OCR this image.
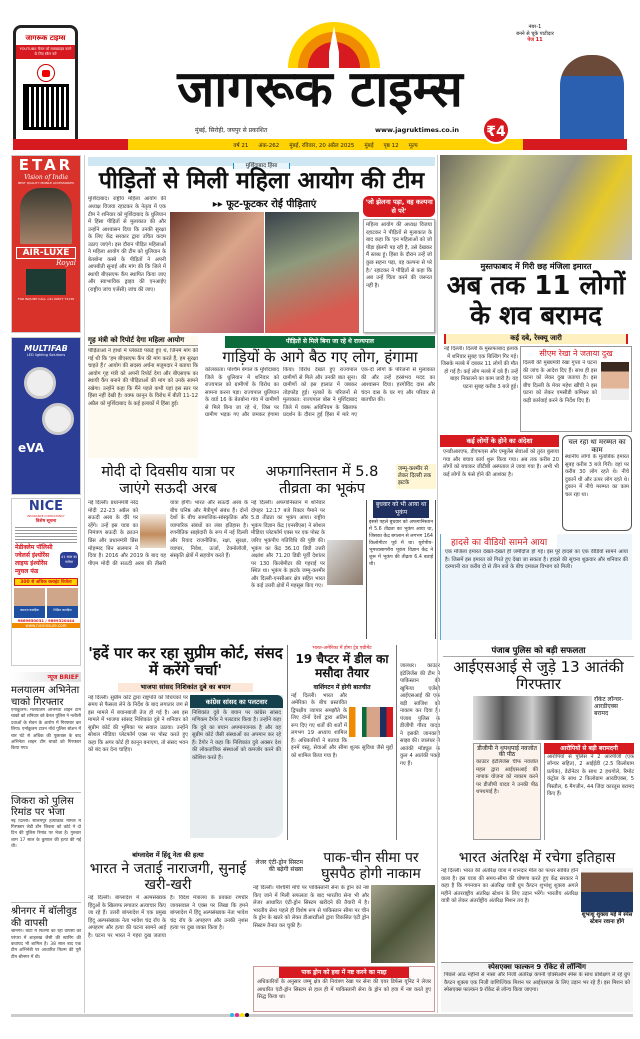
जागरूक टाइम्स
YOUTUBE चैनल को सब्सक्राइब करने के लिए स्कैन करें
जागरूक टाइम्स
मुंबई, सिरोही, जयपुर से प्रकाशित	www.jagruktimes.co.in	₹4
नंबर-1
बनने से चूके पाटीदार
पेज 11
वर्ष 21 अंक-262 मुंबई, रविवार, 20 अप्रैल 2025 मुंबई पृष्ठ 12 मूल्य
ETAR
Vision of India
BEST QUALITY MOBILE ACCESSORIES
AIR-LUXE
Royal
FOR INQUIRY CALL +91 99677 74138
MULTIFAB
LED lighting Solutions
eVA
NICE
INSURANCE CONSULTANCY
विशेष सूचना
मेडीक्लेम पॉलिसी
ज्वेलर्स इंश्योरेंस
लाइफ इंश्योरेंस
म्युचल फंड
41 साल का भरोसा
300 से अधिक क्लाइंट विजेता
जसराज कावड़िया	निखिल कावड़िया
9869650031 / 9869320444
www.niceinsure.com
न्यूज BRIEF
मलयालम अभिनेता चाको गिरफ्तार
एर्नाकुलम। मलयालम अभिनेता शाइन टॉम चाको को शनिवार को केरल पुलिस ने नशीली दवाओं के सेवन के आरोप में गिरफ्तार कर लिया। एर्नाकुलम टाउन नॉर्थ पुलिस स्टेशन में चार घंटे से अधिक की पूछताछ के बाद अभिनेता शाइन टॉम चाको को गिरफ्तार किया गया।
जिकरा को पुलिस रिमांड पर भेजा
नई दिल्ली। सीलमपुर हत्याकांड मामले में गिरफ्तार लेडी डॉन जिकरा को कोर्ट ने दो दिन की पुलिस रिमांड पर भेजा है। गुरुवार शाम 17 साल के कुणाल की हत्या की गई थी।
श्रीनगर में बॉलीवुड की वापसी
श्रीनगर। घाटी में फिल्मों का रही वापसी की परंपरा में शाहरुख जैसी की स्टारिंग की कवायद भी शामिल है। 38 साल बाद एक टीम अभिनेत्री पर आधारित फिल्म की पूरी टीम श्रीनगर में थी।
मुर्शिदाबाद हिंसा
पीड़ितों से मिली महिला आयोग की टीम
मुर्शिदाबाद। राष्ट्रीय महिला आयोग की अध्यक्ष विजया रहाटकर के नेतृत्व में एक टीम ने शनिवार को मुर्शिदाबाद के धुलियान में हिंसा पीड़ितों से मुलाकात की और उन्होंने आश्वासन दिया कि उनकी सुरक्षा के लिए केंद्र सरकार द्वारा उचित कदम उठाए जाएंगे। इस दौरान पीड़ित महिलाओं ने महिला आयोग की टीम को धुलियान के बेतबोना कस्बे के पीड़ितों ने अपनी आपबीती सुनाई और मांग की कि जिले में स्थायी बीएसएफ कैंप स्थापित किया जाए और स्वाभाविक ड्राइव की एनआईए (राष्ट्रीय जांच एजेंसी) जांच की जाए।
▸▸ फूट-फूटकर रोईं पीड़िताएं	'जो झेलना पड़ा, वह कल्पना से परे'
महिला आयोग की अध्यक्ष विजया रहाटकर ने पीड़ितों से मुलाकात के बाद कहा कि 'इन महिलाओं को जो पीड़ा झेलनी पड़ रही है, उसे देखकर मैं स्तब्ध हूं। हिंसा के दौरान उन्हें जो कुछ सहना पड़ा, वह कल्पना से परे है।' रहाटकर ने पीड़ितों से कहा कि अब उन्हें चिंता करने की जरूरत नहीं है।
गृह मंत्री को रिपोर्ट देगा महिला आयोग
पीड़िताओं ने हाथों में प्लेकार्ड पकड़े हुए थे, जिनमें मांग की गई थी कि 'हम बीएसएफ कैंप की मांग करते हैं, हम सुरक्षा चाहते हैं।' आयोग की सदस्य अर्चना मजूमदार ने बताया कि आयोग गृह मंत्री को अपनी रिपोर्ट देगा और बीएसएफ का स्थायी कैंप बनाने की पीड़िताओं की मांग को उनके सामने रखेगा। उन्होंने कहा कि मैंने पहले कभी यहां इस स्तर पर हिंसा नहीं देखी है। वक्फ कानून के विरोध में बीती 11-12 अप्रैल को मुर्शिदाबाद के कई इलाकों में हिंसा हुई।
पीड़ितों से मिले बिना जा रहे थे राज्यपाल
गाड़ियों के आगे बैठ गए लोग, हंगामा
कोलकाता। पश्चिम बंगाल के मुर्शिदाबाद जिले के धुलियान में शनिवार को राज्यपाल को ग्रामीणों के विरोध का सामना करना पड़ा। राज्यपाल धुलियान के वार्ड 16 के बेतबोना गांव में ग्रामीणों से मिले बिना जा रहे थे, जिस पर ग्रामीण भड़क गए और जमकर हंगामा किया। विरोध देखते हुए राज्यपाल ग्रामीणों से मिले और उनकी बात सुना। ग्रामीणों को इस हालात में जबकर तोड़फोड़ हुई। मृतकों के परिजनों से मुलाकात: राज्यपाल बोस ने मुर्शिदाबाद जिले में वक्फ अधिनियम के खिलाफ प्रदर्शन के दौरान हुई हिंसा में मारे गए एक-दो लोगों के परिजनों से मुलाकात की और उन्हें हरसंभव मदद का आश्वासन दिया। हरगोविंद दास और चंदन दास के घर गए और परिवार से बातचीत की।
मोदी दो दिवसीय यात्रा पर जाएंगे सऊदी अरब
नई दिल्ली। प्रधानमंत्री नरेंद्र मोदी 22-23 अप्रैल को सऊदी अरब के दौरे पर रहेंगे। उन्हें इस यात्रा का निमंत्रण सऊदी के क्राउन प्रिंस और प्रधानमंत्री प्रिंस मोहम्मद बिन सलमान ने दिया है। 2016 और 2019 के बाद यह पीएम मोदी की सऊदी अरब की तीसरी यात्रा होगी। भारत और सऊदी अरब के बीच घनिष्ठ और मैत्रीपूर्ण संबंध हैं। दोनों देशों के बीच सामाजिक-सांस्कृतिक और व्यापारिक संबंधों का लंबा इतिहास है। रणनीतिक साझेदारी के रूप में नई दिल्ली और रियाद राजनीतिक, रक्षा, सुरक्षा, व्यापार, निवेश, ऊर्जा, टेक्नोलॉजी, संस्कृति क्षेत्रों में सहयोग करते हैं।
अफगानिस्तान में 5.8 तीव्रता का भूकंप
जम्मू-कश्मीर से लेकर दिल्ली तक झटके
नई दिल्ली। अफगानिस्तान में शनिवार दोपहर 12:17 बजे रिक्टर पैमाने पर 5.8 तीव्रता का भूकंप आया। राष्ट्रीय भूकंप विज्ञान केंद्र (एनसीएस) ने सोशल मीडिया प्लेटफॉर्म एक्स पर एक पोस्ट के जरिए भूकंपीय गतिविधि की पुष्टि की। भूकंप का केंद्र 36.10 डिग्री उत्तरी अक्षांश और 71.20 डिग्री पूर्वी देशांतर पर 130 किलोमीटर की गहराई पर स्थित था। भूकंप के झटके जम्मू-कश्मीर और दिल्ली-एनसीआर क्षेत्र सहित भारत के कई उत्तरी क्षेत्रों में महसूस किए गए।
बुधवार को भी आया था भूकंप
इससे पहले बुधवार को अफगानिस्तान में 5.6 तीव्रता का भूकंप आया था, जिसका केंद्र बगलान से लगभग 164 किलोमीटर पूर्व में था। यूरोपीय-भूमध्यसागरीय भूकंप विज्ञान केंद्र ने शुरू में भूकंप की तीव्रता 6.4 बताई थी।
मुस्तफाबाद में गिरी छह मंजिला इमारत
अब तक 11 लोगों के शव बरामद
कई दबे, रेस्क्यू जारी
नई दिल्ली। दिल्ली के मुस्तफाबाद इलाके में शनिवार सुबह एक बिल्डिंग गिर गई। जिसके मलबे में दबकर 11 लोगों की मौत हो गई है। कई लोग मलबे में दबे हैं। उन्हें बाहर निकालने का काम जारी है। यह घटना सुबह करीब 3 बजे हुई।
सीएम रेखा ने जताया दुख
दिल्ली की मुख्यमंत्री रेखा गुप्ता ने घटना की जांच के आदेश दिए हैं। साथ ही इस घटना को लेकर दुख जताया है। इस बीच दिल्ली के मेयर महेश खींची ने इस घटना को लेकर एमसीडी कमिश्नर को कड़ी कार्रवाई करने के निर्देश दिए हैं।
कई लोगों के होने का अंदेशा
एनडीआरएफ, डीएफएस और एम्बुलेंस सेवाओं को तुरंत बुलाया गया और बचाव कार्य शुरू किया गया। अब तक करीब 20 लोगों को बचाकर जीटीबी अस्पताल ले जाया गया है। अभी भी कई लोगों के फंसे होने की आशंका है।
चल रहा था मरम्मत का काम
स्थानीय लोगों के मुताबिक इमारत सुबह करीब 3 बजे गिरी। वहां पर करीब 30 लोग रहते थे। नीचे दुकानें थी और ऊपर लोग रहते थे। दुकान में नीचे मरम्मत का काम चल रहा था।
हादसे का वीडियो सामने आया
एक मंजिला इमारत देखते-देखते ही जमींदोज हो गई। इस पूरे हादसे का एक वीडियो सामने आया है। जिसमें इस इमारत को गिरते हुए देखा जा सकता है। हादसे की सूचना शुक्रवार और शनिवार की दरम्यानी रात करीब दो से तीन बजे के बीच दमकल विभाग को मिली।
'हदें पार कर रहा सुप्रीम कोर्ट, संसद में करेंगे चर्चा'
भाजपा सांसद निशिकांत दुबे का बयान
नई दिल्ली। सुप्रीम कोर्ट द्वारा राष्ट्रपति को विधेयकों पर समय से फैसला लेने के निर्देश के बाद लगातार जग से इस मामले में बयानबाजी तेज हो गई है। अब इस मामले में भाजपा सांसद निशिकांत दुबे ने शनिवार को सुप्रीम कोर्ट की भूमिका पर सवाल उठाया। उन्होंने सोशल मीडिया प्लेटफॉर्म एक्स पर पोस्ट करते हुए कहा कि अगर कोर्ट ही कानून बनाएगा, तो संसद भवन को बंद कर देना चाहिए।
कांग्रेस सांसद का पलटवार
निशिकांत दुबे के बयान पर कांग्रेस सांसद मणिकम टैगोर ने पलटवार किया है। उन्होंने कहा कि दुबे का बयान अपमानजनक है और वह सुप्रीम कोर्ट जैसी संस्थाओं का अपमान कर रहे हैं। टैगोर ने कहा कि निशिकांत दुबे अक्सर देश की लोकतांत्रिक संस्थाओं को कमजोर करने की कोशिश करते हैं।
भारत-अमेरिका में होगा ट्रेड एग्रीमेंट
19 चैप्टर में डील का मसौदा तैयार
वाशिंगटन में होगी बातचीत
नई दिल्ली। भारत और अमेरिका के बीच प्रस्तावित द्विपक्षीय व्यापार समझौते के लिए दोनों देशों द्वारा अंतिम रूप दिए गए शर्तों की शर्तों में लगभग 19 अध्याय शामिल हैं। अधिकारियों ने बताया कि इनमें वस्तु, सेवाओं और सीमा शुल्क सुविधा जैसे मुद्दों को शामिल किया गया है।
जालंधर। काउंटर इंटेलिजेंस की टीम ने पाकिस्तान की खुफिया एजेंसी आईएसआई की एक बड़ी साजिश को नाकाम कर दिया है। पंजाब पुलिस के डीजीपी गौरव यादव ने इसकी जानकारी साझा की। जालंधर से आतंकी मॉड्यूल के कुल 4 आतंकी पकड़े गए हैं।
पंजाब पुलिस को बड़ी सफलता
आईएसआई से जुड़े 13 आतंकी गिरफ्तार
रॉकेट लॉन्चर-आरडीएक्स बरामद
डीजीपी ने थपथपाई नवजोत की पीठ
काउंटर इंटेलिजेंस चीफ नवजोत महल द्वारा आईएसआई की नापाक योजना को नाकाम करने पर डीजीपी यादव ने उनकी पीठ थपथपाई है।
आरोपियों से बड़ी बरामदगी
आरोपियों से पुलिस ने 2 आरपीजी (एक लॉन्चर सहित), 2 आईईडी (2.5 किलोग्राम प्रत्येक), डेटोनेटर के साथ 2 हथगोले, रिमोट कंट्रोल के साथ 2 किलोग्राम आरडीएक्स, 5 पिस्तौल, 6 मैगजीन, 44 जिंदा कारतूस बरामद किए हैं।
बांग्लादेश में हिंदू नेता की हत्या
भारत ने जताई नाराजगी, सुनाई खरी-खरी
नई दिल्ली। बांग्लादेश में अल्पसंख्यक हिंदुओं के खिलाफ लगातार अत्याचार किए जा रहे हैं। उत्तरी बांग्लादेश में एक प्रमुख हिंदू अल्पसंख्यक नेता भावेश चंद्र रॉय के अपहरण और हत्या की घटना सामने आई है। घटना पर भारत ने गहरा दुख जताया है। विदेश मंत्रालय के प्रवक्ता रणधीर जायसवाल ने एक्स पर लिखा कि हमने बांग्लादेश में हिंदू अल्पसंख्यक नेता भावेश चंद्र रॉय के अपहरण और उनकी नृशंस हत्या पर दुख व्यक्त किया है।
लेजर एंटी-ड्रोन सिस्टम की बढ़ेगी संख्या
पाक-चीन सीमा पर घुसपैठ होगी नाकाम
नई दिल्ली। पश्चिमी मोर्चे पर पाकिस्तानी सेना के ड्रोन को नष्ट किए जाने में मिली सफलता के बाद भारतीय सेना भी और लेजर आधारित एंटी-ड्रोन सिस्टम खरीदने की तैयारी में है। भारतीय सेना पहले ही विशेष रूप से पाकिस्तान सीमा पर चीन के ड्रोन के खतरे को लेकर डीआरडीओ द्वारा विकसित एंटी ड्रोन सिस्टम तैनात कर चुकी है।
पाक ड्रोन को हवा में नष्ट करने का माद्दा
अधिकारियों के अनुसार जम्मू क्षेत्र की नियंत्रण रेखा पर सेना की एयर डिफेंस यूनिट ने लेजर आधारित एंटी-ड्रोन सिस्टम से हाल ही में पाकिस्तानी सेना के ड्रोन को हवा में नष्ट करते हुए सिद्ध किया था।
भारत अंतरिक्ष में रचेगा इतिहास
शुभांशु शुक्ला मई में स्पेस स्टेशन रवाना होंगे
नई दिल्ली। भारत की अंतरिक्ष यात्रा में शानदार मील का पत्थर साबित होने वाला है। इस यात्रा की समय-सीमा की घोषणा करते हुए केंद्र सरकार ने कहा है कि गगनयान का अंतरिक्ष यात्री ग्रुप कैप्टन शुभांशु शुक्ला अगले महीने अंतरराष्ट्रीय अंतरिक्ष स्टेशन के लिए उड़ान भरेंगे। भारतीय अंतरिक्ष यात्री को लेकर अंतर्राष्ट्रीय अंतरिक्ष मिशन तय है।
स्पेसएक्स फाल्कन 9 रॉकेट से लॉन्चिंग
पिछले आठ महीनों से नासा और निजी अंतरिक्ष कंपनी एक्सिओम स्पेस के साथ प्रशिक्षण ले रहे ग्रुप कैप्टन शुक्ला एक निजी वाणिज्यिक मिशन पर आईएसएस के लिए उड़ान भर रहे हैं। इस मिशन को स्पेसएक्स फाल्कन 9 रॉकेट से लॉन्च किया जाएगा।
